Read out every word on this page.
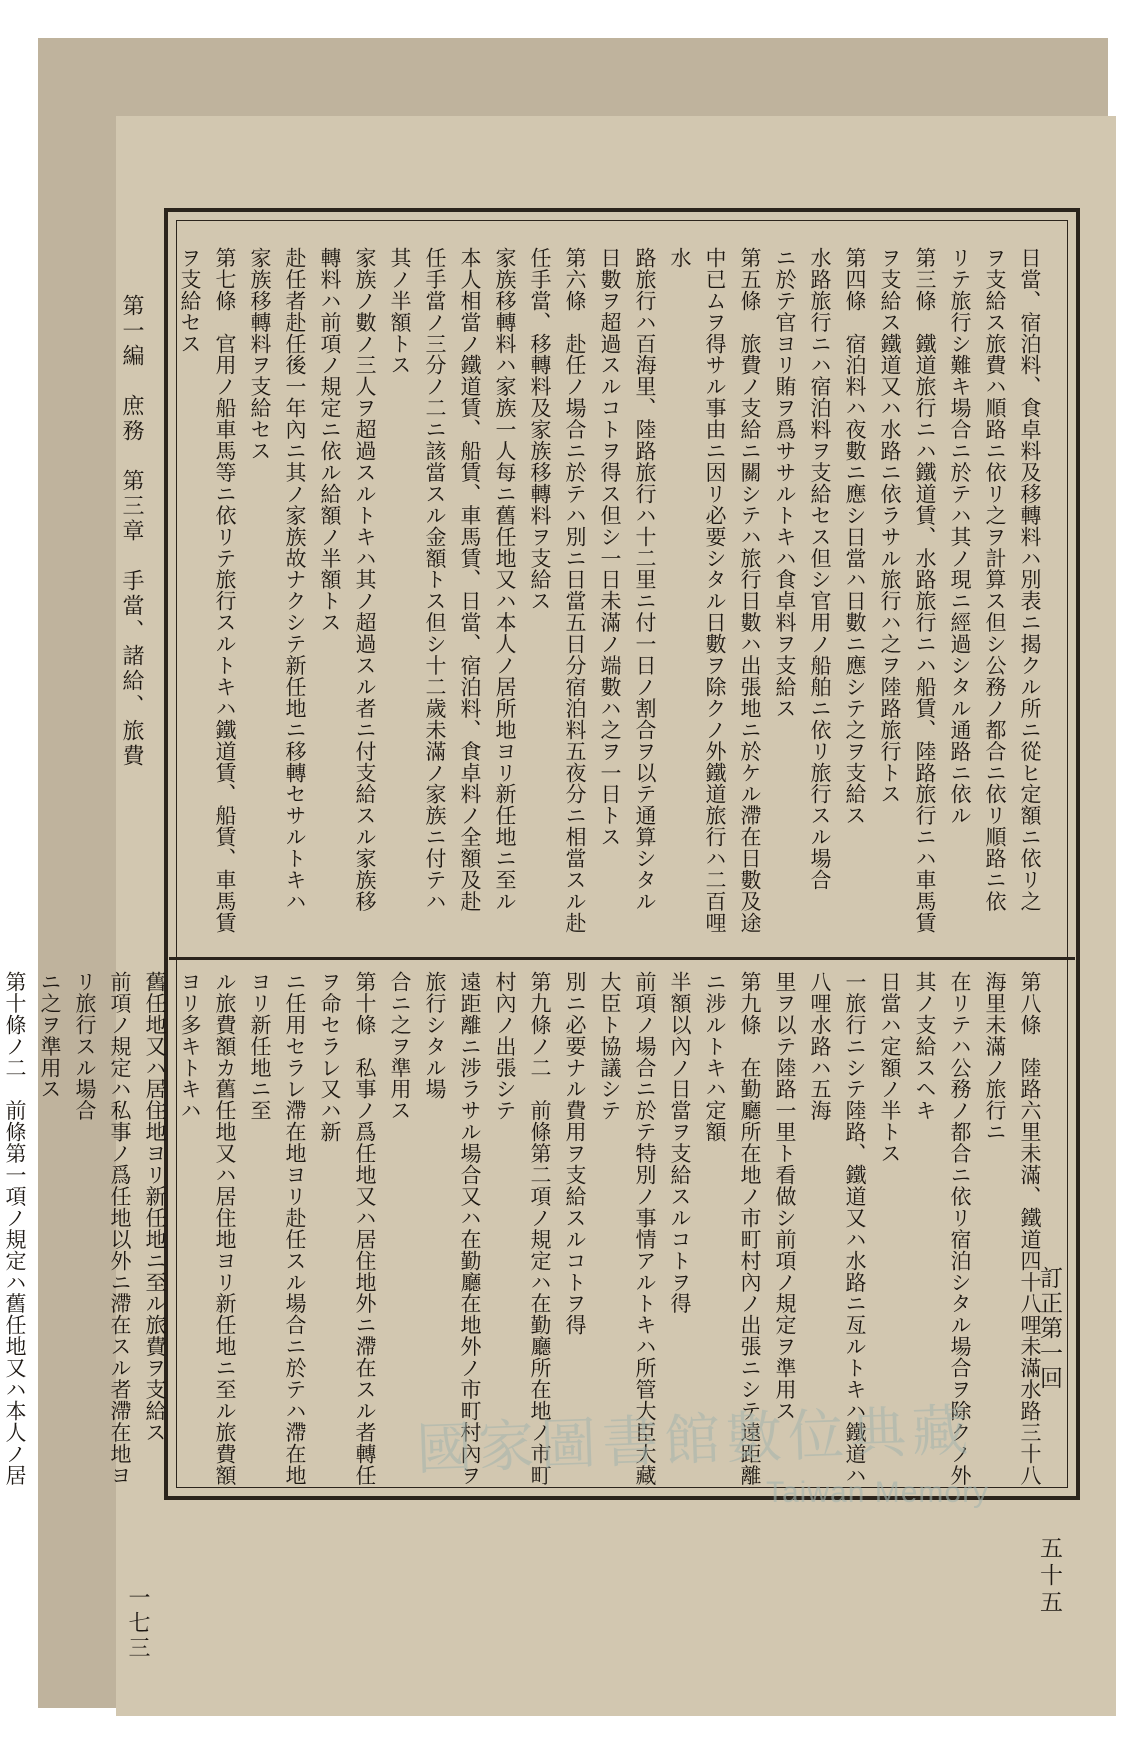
訂正第一回
五十五

日當、宿泊料、食卓料及移轉料ハ別表ニ揭クル所ニ從ヒ定額ニ依リ之

ヲ支給ス旅費ハ順路ニ依リ之ヲ計算ス但シ公務ノ都合ニ依リ順路ニ依

リテ旅行シ難キ場合ニ於テハ其ノ現ニ經過シタル通路ニ依ル

第三條　鐵道旅行ニハ鐵道賃、水路旅行ニハ船賃、陸路旅行ニハ車馬賃

ヲ支給ス鐵道又ハ水路ニ依ラサル旅行ハ之ヲ陸路旅行トス

第四條　宿泊料ハ夜數ニ應シ日當ハ日數ニ應シテ之ヲ支給ス

水路旅行ニハ宿泊料ヲ支給セス但シ官用ノ船舶ニ依リ旅行スル場合

ニ於テ官ヨリ賄ヲ爲ササルトキハ食卓料ヲ支給ス

第五條　旅費ノ支給ニ關シテハ旅行日數ハ出張地ニ於ケル滯在日數及途

中已ムヲ得サル事由ニ因リ必要シタル日數ヲ除クノ外鐵道旅行ハ二百哩水

路旅行ハ百海里、陸路旅行ハ十二里ニ付一日ノ割合ヲ以テ通算シタル

日數ヲ超過スルコトヲ得ス但シ一日未滿ノ端數ハ之ヲ一日トス

第六條　赴任ノ場合ニ於テハ別ニ日當五日分宿泊料五夜分ニ相當スル赴

任手當、移轉料及家族移轉料ヲ支給ス

家族移轉料ハ家族一人每ニ舊任地又ハ本人ノ居所地ヨリ新任地ニ至ル

本人相當ノ鐵道賃、船賃、車馬賃、日當、宿泊料、食卓料ノ全額及赴

任手當ノ三分ノ二ニ該當スル金額トス但シ十二歲未滿ノ家族ニ付テハ

其ノ半額トス

家族ノ數ノ三人ヲ超過スルトキハ其ノ超過スル者ニ付支給スル家族移

轉料ハ前項ノ規定ニ依ル給額ノ半額トス

赴任者赴任後一年內ニ其ノ家族故ナクシテ新任地ニ移轉セサルトキハ

家族移轉料ヲ支給セス

第七條　官用ノ船車馬等ニ依リテ旅行スルトキハ鐵道賃、船賃、車馬賃

ヲ支給セス

第八條　陸路六里未滿、鐵道四十八哩未滿水路三十八海里未滿ノ旅行ニ

在リテハ公務ノ都合ニ依リ宿泊シタル場合ヲ除クノ外其ノ支給スヘキ

日當ハ定額ノ半トス

一旅行ニシテ陸路、鐵道又ハ水路ニ亙ルトキハ鐵道ハ八哩水路ハ五海

里ヲ以テ陸路一里ト看做シ前項ノ規定ヲ準用ス

第九條　在勤廳所在地ノ市町村內ノ出張ニシテ遠距離ニ涉ルトキハ定額

半額以內ノ日當ヲ支給スルコトヲ得

前項ノ場合ニ於テ特別ノ事情アルトキハ所管大臣大藏大臣ト協議シテ

別ニ必要ナル費用ヲ支給スルコトヲ得

第九條ノ二　前條第二項ノ規定ハ在勤廳所在地ノ市町村內ノ出張シテ

遠距離ニ涉ラサル場合又ハ在勤廳在地外ノ市町村內ヲ旅行シタル場

合ニ之ヲ準用ス

第十條　私事ノ爲任地又ハ居住地外ニ滯在スル者轉任ヲ命セラレ又ハ新

ニ任用セラレ滯在地ヨリ赴任スル場合ニ於テハ滯在地ヨリ新任地ニ至

ル旅費額カ舊任地又ハ居住地ヨリ新任地ニ至ル旅費額ヨリ多キトキハ

舊任地又ハ居住地ヨリ新任地ニ至ル旅費ヲ支給ス

前項ノ規定ハ私事ノ爲任地以外ニ滯在スル者滯在地ヨリ旅行スル場合

ニ之ヲ準用ス

第十條ノ二　前條第一項ノ規定ハ舊任地又ハ本人ノ居

第一編　庶務　第三章　手當、諸給、旅費
一七三
國家圖書館數位典藏
Taiwan Memory
